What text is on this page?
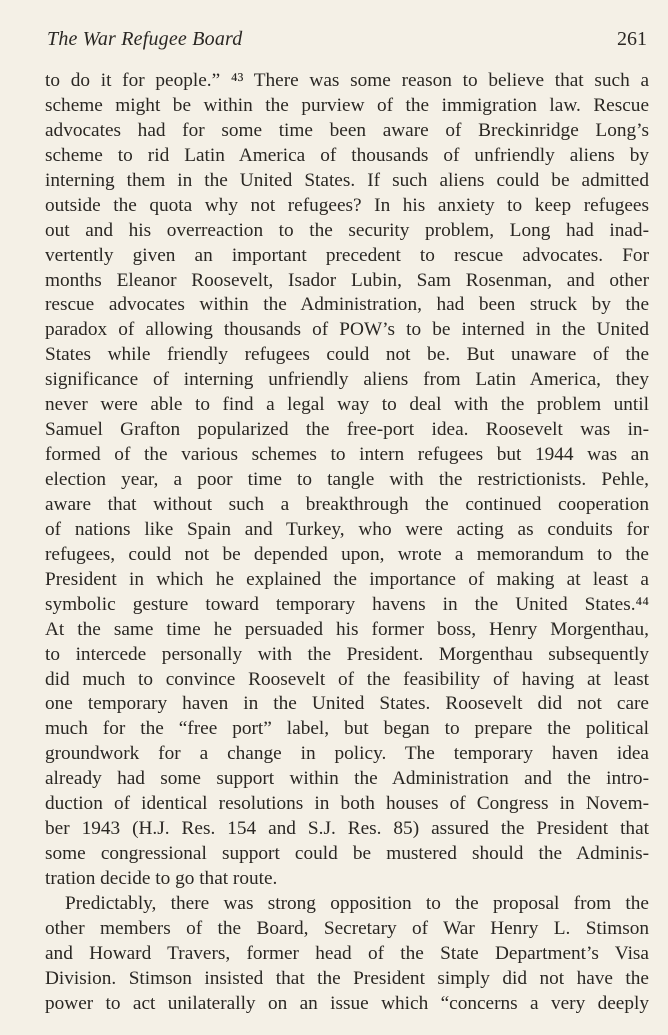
The War Refugee Board	261
to do it for people.” ⁴³ There was some reason to believe that such a
scheme might be within the purview of the immigration law. Rescue
advocates had for some time been aware of Breckinridge Long’s
scheme to rid Latin America of thousands of unfriendly aliens by
interning them in the United States. If such aliens could be admitted
outside the quota why not refugees? In his anxiety to keep refugees
out and his overreaction to the security problem, Long had inad-
vertently given an important precedent to rescue advocates. For
months Eleanor Roosevelt, Isador Lubin, Sam Rosenman, and other
rescue advocates within the Administration, had been struck by the
paradox of allowing thousands of POW’s to be interned in the United
States while friendly refugees could not be. But unaware of the
significance of interning unfriendly aliens from Latin America, they
never were able to find a legal way to deal with the problem until
Samuel Grafton popularized the free-port idea. Roosevelt was in-
formed of the various schemes to intern refugees but 1944 was an
election year, a poor time to tangle with the restrictionists. Pehle,
aware that without such a breakthrough the continued cooperation
of nations like Spain and Turkey, who were acting as conduits for
refugees, could not be depended upon, wrote a memorandum to the
President in which he explained the importance of making at least a
symbolic gesture toward temporary havens in the United States.⁴⁴
At the same time he persuaded his former boss, Henry Morgenthau,
to intercede personally with the President. Morgenthau subsequently
did much to convince Roosevelt of the feasibility of having at least
one temporary haven in the United States. Roosevelt did not care
much for the “free port” label, but began to prepare the political
groundwork for a change in policy. The temporary haven idea
already had some support within the Administration and the intro-
duction of identical resolutions in both houses of Congress in Novem-
ber 1943 (H.J. Res. 154 and S.J. Res. 85) assured the President that
some congressional support could be mustered should the Adminis-
tration decide to go that route.
Predictably, there was strong opposition to the proposal from the
other members of the Board, Secretary of War Henry L. Stimson
and Howard Travers, former head of the State Department’s Visa
Division. Stimson insisted that the President simply did not have the
power to act unilaterally on an issue which “concerns a very deeply
